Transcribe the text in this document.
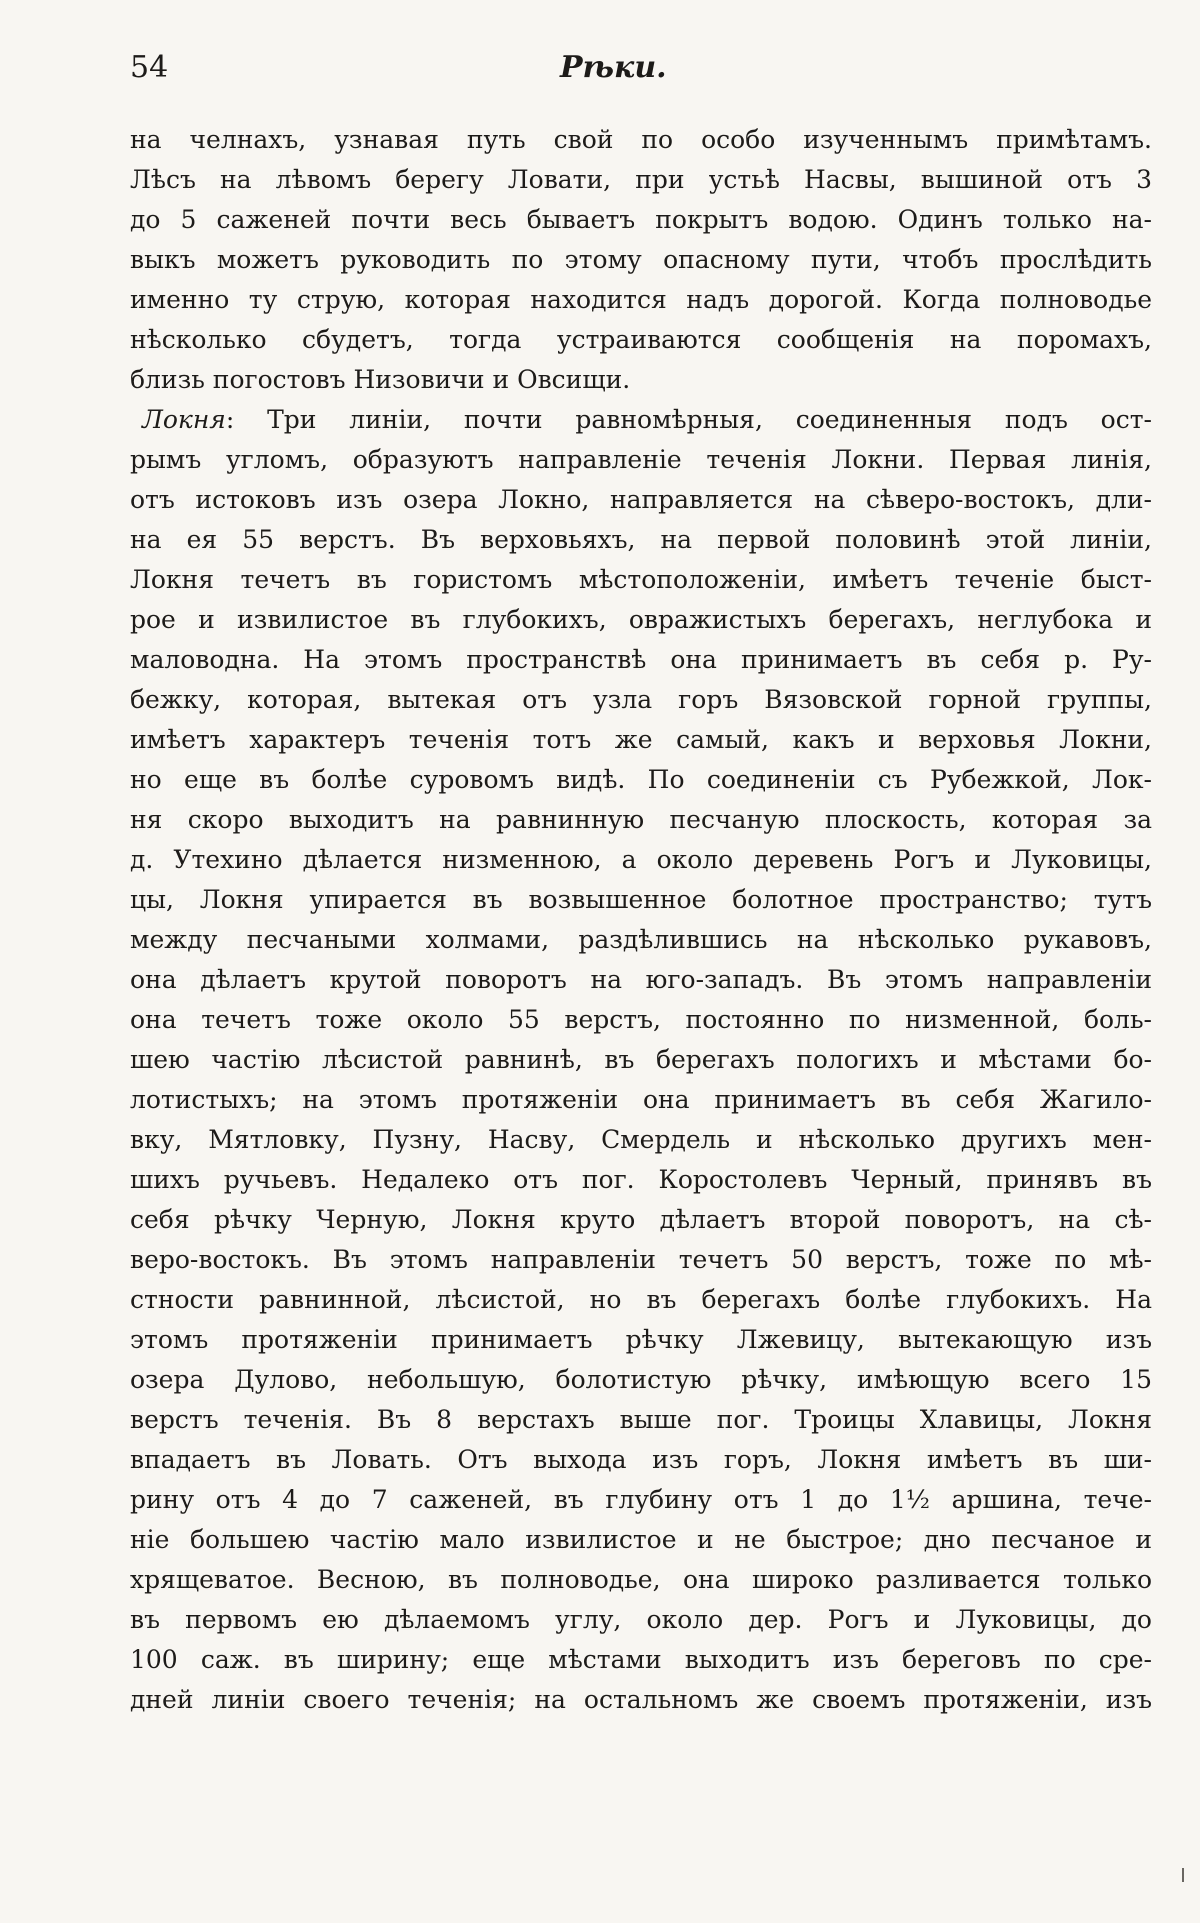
54	Рѣки.
на челнахъ, узнавая путь свой по особо изученнымъ примѣтамъ.
Лѣсъ на лѣвомъ берегу Ловати, при устьѣ Насвы, вышиной отъ 3
до 5 саженей почти весь бываетъ покрытъ водою. Одинъ только на-
выкъ можетъ руководить по этому опасному пути, чтобъ прослѣдить
именно ту струю, которая находится надъ дорогой. Когда полноводье
нѣсколько сбудетъ, тогда устраиваются сообщенія на поромахъ,
близь погостовъ Низовичи и Овсищи.
Локня: Три линіи, почти равномѣрныя, соединенныя подъ ост-
рымъ угломъ, образуютъ направленіе теченія Локни. Первая линія,
отъ истоковъ изъ озера Локно, направляется на сѣверо-востокъ, дли-
на ея 55 верстъ. Въ верховьяхъ, на первой половинѣ этой линіи,
Локня течетъ въ гористомъ мѣстоположеніи, имѣетъ теченіе быст-
рое и извилистое въ глубокихъ, овражистыхъ берегахъ, неглубока и
маловодна. На этомъ пространствѣ она принимаетъ въ себя р. Ру-
бежку, которая, вытекая отъ узла горъ Вязовской горной группы,
имѣетъ характеръ теченія тотъ же самый, какъ и верховья Локни,
но еще въ болѣе суровомъ видѣ. По соединеніи съ Рубежкой, Лок-
ня скоро выходитъ на равнинную песчаную плоскость, которая за
д. Утехино дѣлается низменною, а около деревень Рогъ и Луковицы,
цы, Локня упирается въ возвышенное болотное пространство; тутъ
между песчаными холмами, раздѣлившись на нѣсколько рукавовъ,
она дѣлаетъ крутой поворотъ на юго-западъ. Въ этомъ направленіи
она течетъ тоже около 55 верстъ, постоянно по низменной, боль-
шею частію лѣсистой равнинѣ, въ берегахъ пологихъ и мѣстами бо-
лотистыхъ; на этомъ протяженіи она принимаетъ въ себя Жагило-
вку, Мятловку, Пузну, Насву, Смердель и нѣсколько другихъ мен-
шихъ ручьевъ. Недалеко отъ пог. Коростолевъ Черный, принявъ въ
себя рѣчку Черную, Локня круто дѣлаетъ второй поворотъ, на сѣ-
веро-востокъ. Въ этомъ направленіи течетъ 50 верстъ, тоже по мѣ-
стности равнинной, лѣсистой, но въ берегахъ болѣе глубокихъ. На
этомъ протяженіи принимаетъ рѣчку Лжевицу, вытекающую изъ
озера Дулово, небольшую, болотистую рѣчку, имѣющую всего 15
верстъ теченія. Въ 8 верстахъ выше пог. Троицы Хлавицы, Локня
впадаетъ въ Ловать. Отъ выхода изъ горъ, Локня имѣетъ въ ши-
рину отъ 4 до 7 саженей, въ глубину отъ 1 до 1½ аршина, тече-
ніе большею частію мало извилистое и не быстрое; дно песчаное и
хрящеватое. Весною, въ полноводье, она широко разливается только
въ первомъ ею дѣлаемомъ углу, около дер. Рогъ и Луковицы, до
100 саж. въ ширину; еще мѣстами выходитъ изъ береговъ по сре-
дней линіи своего теченія; на остальномъ же своемъ протяженіи, изъ
